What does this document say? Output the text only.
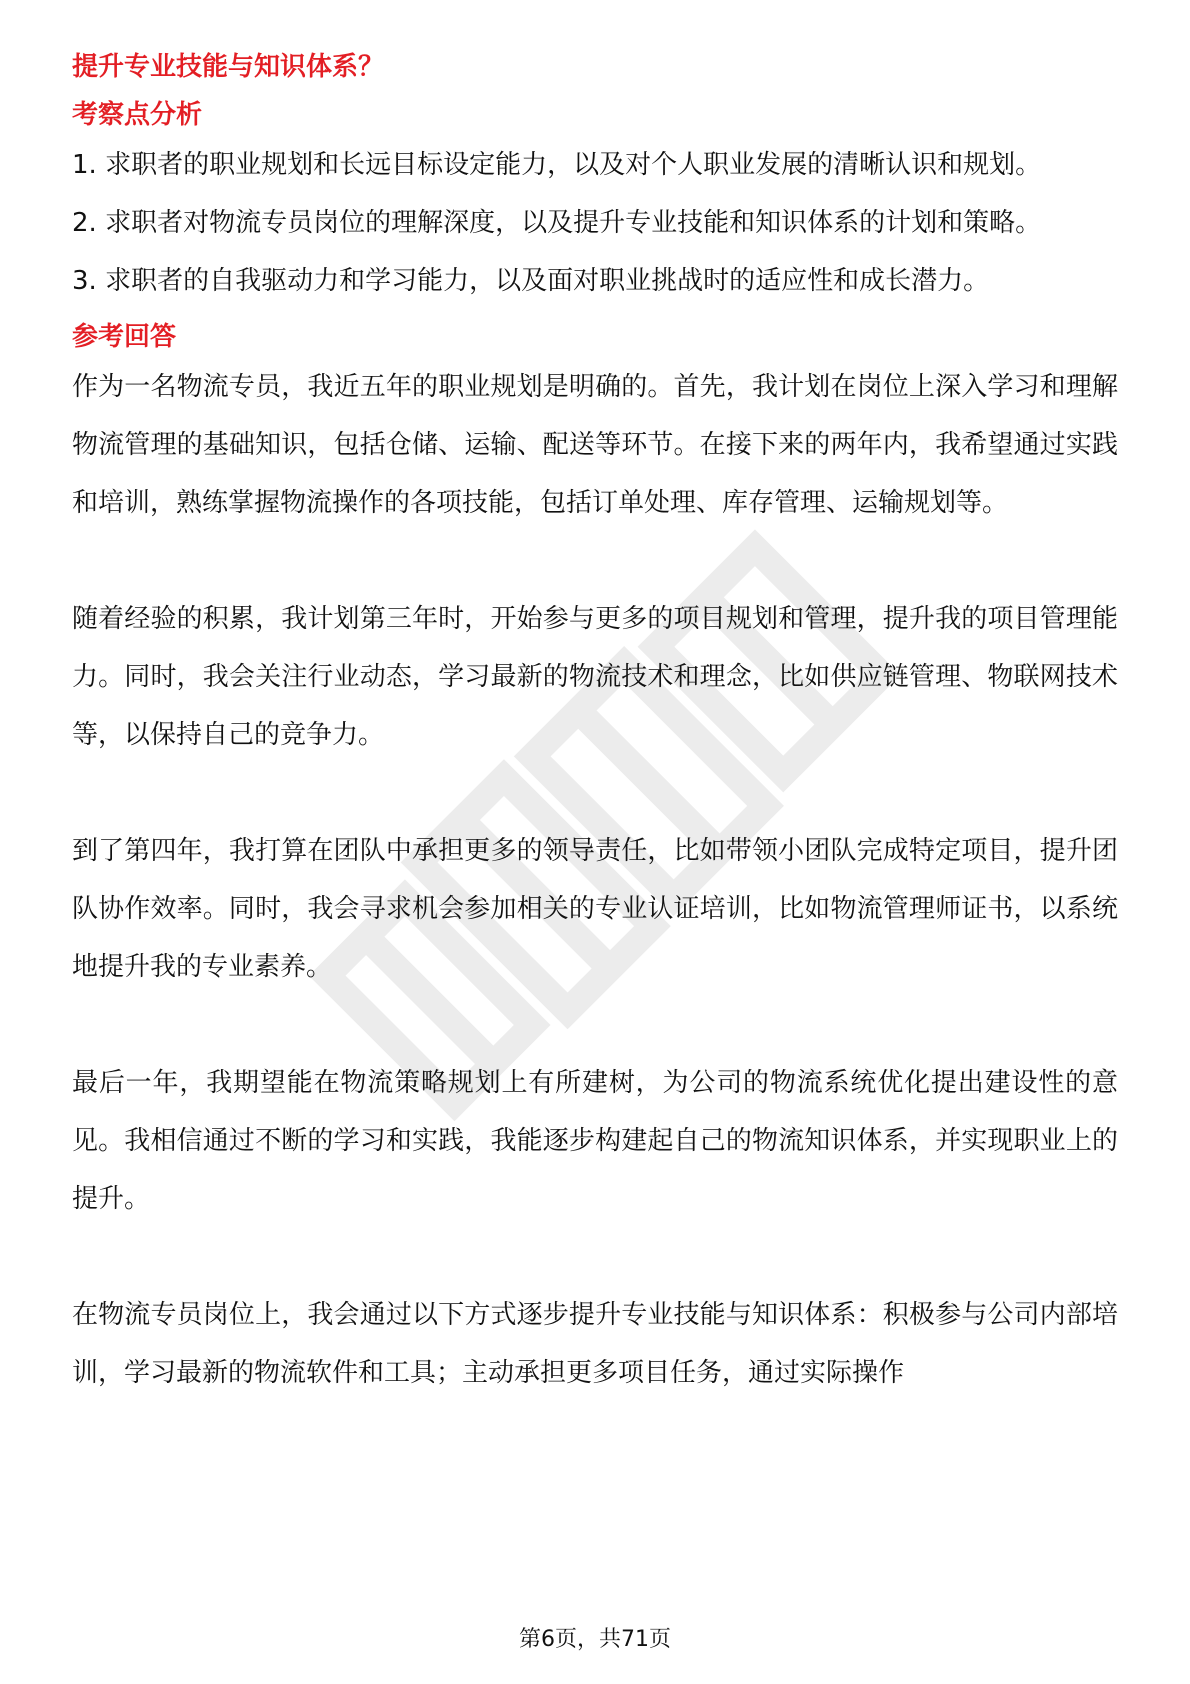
提升专业技能与知识体系？
考察点分析

1. 求职者的职业规划和长远目标设定能力，以及对个人职业发展的清晰认识和规划。

2. 求职者对物流专员岗位的理解深度，以及提升专业技能和知识体系的计划和策略。

3. 求职者的自我驱动力和学习能力，以及面对职业挑战时的适应性和成长潜力。

参考回答

作为一名物流专员，我近五年的职业规划是明确的。首先，我计划在岗位上深入学习和理解物流管理的基础知识，包括仓储、运输、配送等环节。在接下来的两年内，我希望通过实践和培训，熟练掌握物流操作的各项技能，包括订单处理、库存管理、运输规划等。

随着经验的积累，我计划第三年时，开始参与更多的项目规划和管理，提升我的项目管理能力。同时，我会关注行业动态，学习最新的物流技术和理念，比如供应链管理、物联网技术等，以保持自己的竞争力。

到了第四年，我打算在团队中承担更多的领导责任，比如带领小团队完成特定项目，提升团队协作效率。同时，我会寻求机会参加相关的专业认证培训，比如物流管理师证书，以系统地提升我的专业素养。

最后一年，我期望能在物流策略规划上有所建树，为公司的物流系统优化提出建设性的意见。我相信通过不断的学习和实践，我能逐步构建起自己的物流知识体系，并实现职业上的提升。

在物流专员岗位上，我会通过以下方式逐步提升专业技能与知识体系：积极参与公司内部培训，学习最新的物流软件和工具；主动承担更多项目任务，通过实际操作

第6页，共71页
